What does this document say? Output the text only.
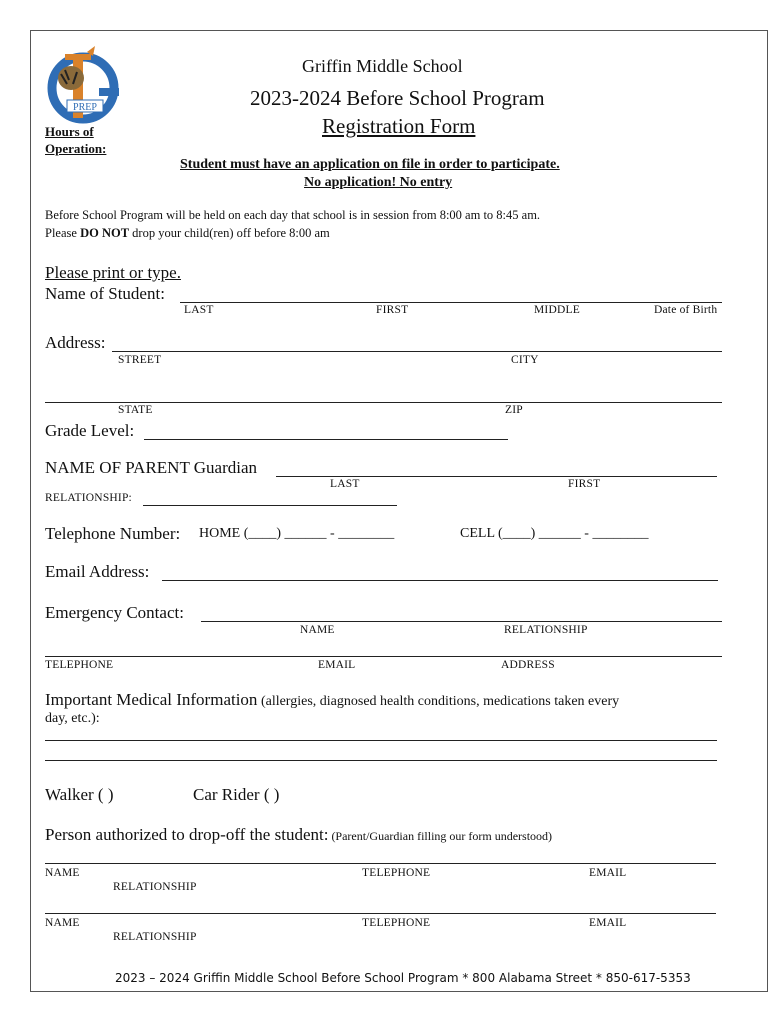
PREP
Griffin Middle School
2023-2024 Before School Program
Registration Form
Hours of
Operation:
Student must have an application on file in order to participate.
No application! No entry
Before School Program will be held on each day that school is in session from 8:00 am to 8:45 am.
Please DO NOT drop your child(ren) off before 8:00 am
Please print or type.
Name of Student:
LAST	FIRST	MIDDLE	Date of Birth
Address:
STREET	CITY
STATE	ZIP
Grade Level:
NAME OF PARENT Guardian
LAST	FIRST
RELATIONSHIP:
Telephone Number: HOME (____) ______ - ________	CELL (____) ______ - ________
Email Address:
Emergency Contact:
NAME	RELATIONSHIP
TELEPHONE	EMAIL	ADDRESS
Important Medical Information (allergies, diagnosed health conditions, medications taken every
day, etc.):
Walker ( )	Car Rider ( )
Person authorized to drop-off the student: (Parent/Guardian filling our form understood)
NAME	TELEPHONE	EMAIL
RELATIONSHIP
NAME	TELEPHONE	EMAIL
RELATIONSHIP
2023 – 2024 Griffin Middle School Before School Program * 800 Alabama Street * 850-617-5353
